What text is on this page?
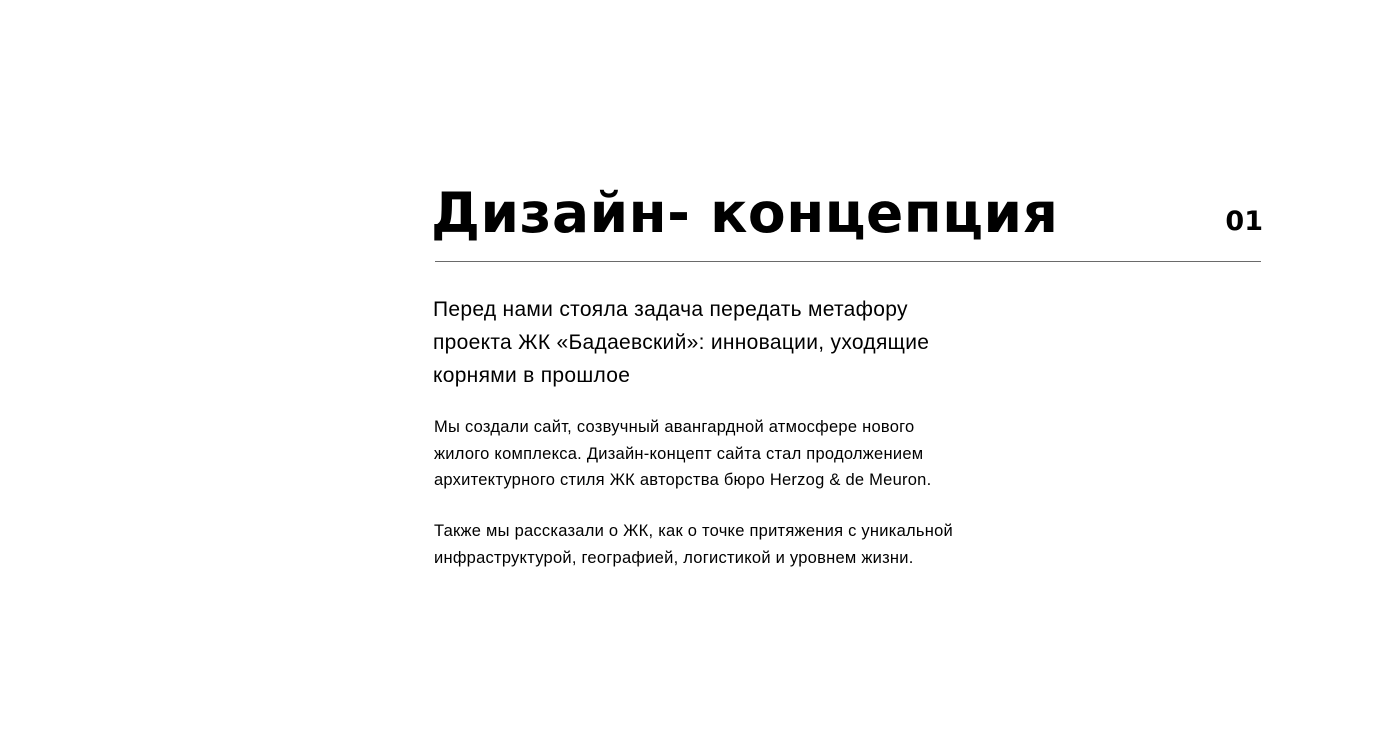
Дизайн- концепция	01

Перед нами стояла задача передать метафору
проекта ЖК «Бадаевский»: инновации, уходящие
корнями в прошлое

Мы создали сайт, созвучный авангардной атмосфере нового
жилого комплекса. Дизайн-концепт сайта стал продолжением
архитектурного стиля ЖК авторства бюро Herzog & de Meuron.

Также мы рассказали о ЖК, как о точке притяжения с уникальной
инфраструктурой, географией, логистикой и уровнем жизни.
